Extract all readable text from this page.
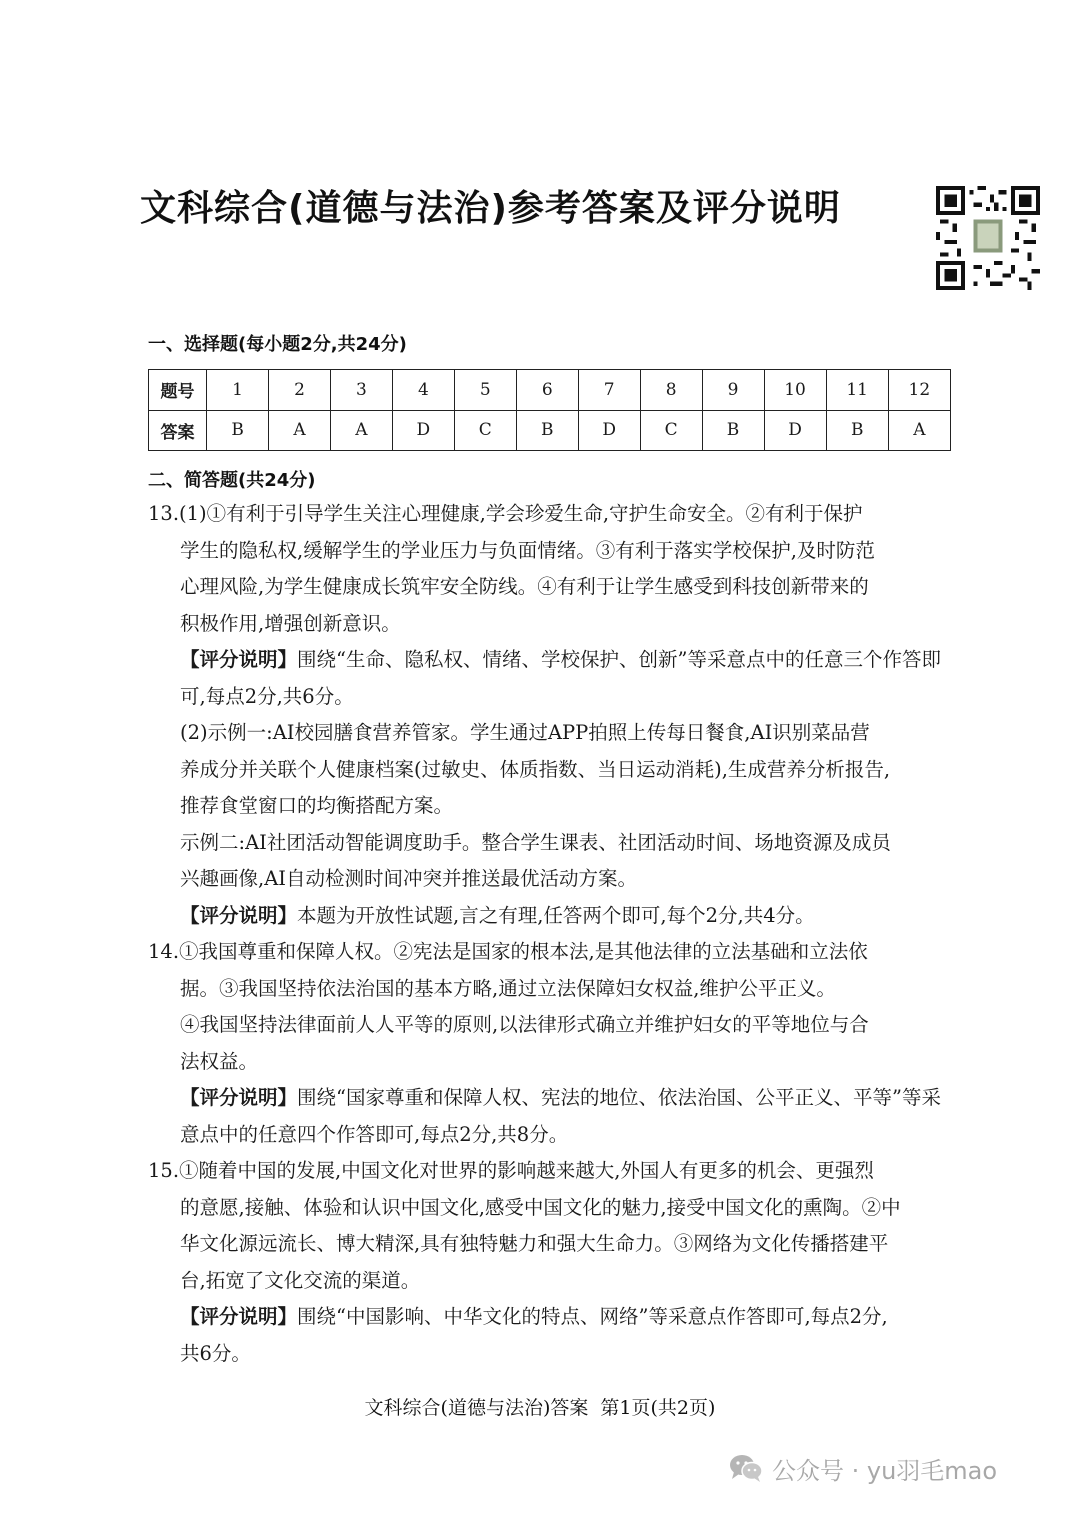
文科综合(道德与法治)参考答案及评分说明
一、选择题(每小题2分,共24分)
题号	1	2	3	4	5	6	7	8	9	10	11	12
答案	B	A	A	D	C	B	D	C	B	D	B	A
二、简答题(共24分)
13.(1)①有利于引导学生关注心理健康,学会珍爱生命,守护生命安全。②有利于保护
学生的隐私权,缓解学生的学业压力与负面情绪。③有利于落实学校保护,及时防范
心理风险,为学生健康成长筑牢安全防线。④有利于让学生感受到科技创新带来的
积极作用,增强创新意识。
【评分说明】围绕“生命、隐私权、情绪、学校保护、创新”等采意点中的任意三个作答即
可,每点2分,共6分。
(2)示例一:AI校园膳食营养管家。学生通过APP拍照上传每日餐食,AI识别菜品营
养成分并关联个人健康档案(过敏史、体质指数、当日运动消耗),生成营养分析报告,
推荐食堂窗口的均衡搭配方案。
示例二:AI社团活动智能调度助手。整合学生课表、社团活动时间、场地资源及成员
兴趣画像,AI自动检测时间冲突并推送最优活动方案。
【评分说明】本题为开放性试题,言之有理,任答两个即可,每个2分,共4分。
14.①我国尊重和保障人权。②宪法是国家的根本法,是其他法律的立法基础和立法依
据。③我国坚持依法治国的基本方略,通过立法保障妇女权益,维护公平正义。
④我国坚持法律面前人人平等的原则,以法律形式确立并维护妇女的平等地位与合
法权益。
【评分说明】围绕“国家尊重和保障人权、宪法的地位、依法治国、公平正义、平等”等采
意点中的任意四个作答即可,每点2分,共8分。
15.①随着中国的发展,中国文化对世界的影响越来越大,外国人有更多的机会、更强烈
的意愿,接触、体验和认识中国文化,感受中国文化的魅力,接受中国文化的熏陶。②中
华文化源远流长、博大精深,具有独特魅力和强大生命力。③网络为文化传播搭建平
台,拓宽了文化交流的渠道。
【评分说明】围绕“中国影响、中华文化的特点、网络”等采意点作答即可,每点2分,
共6分。
文科综合(道德与法治)答案  第1页(共2页)
公众号 · yu羽毛mao
